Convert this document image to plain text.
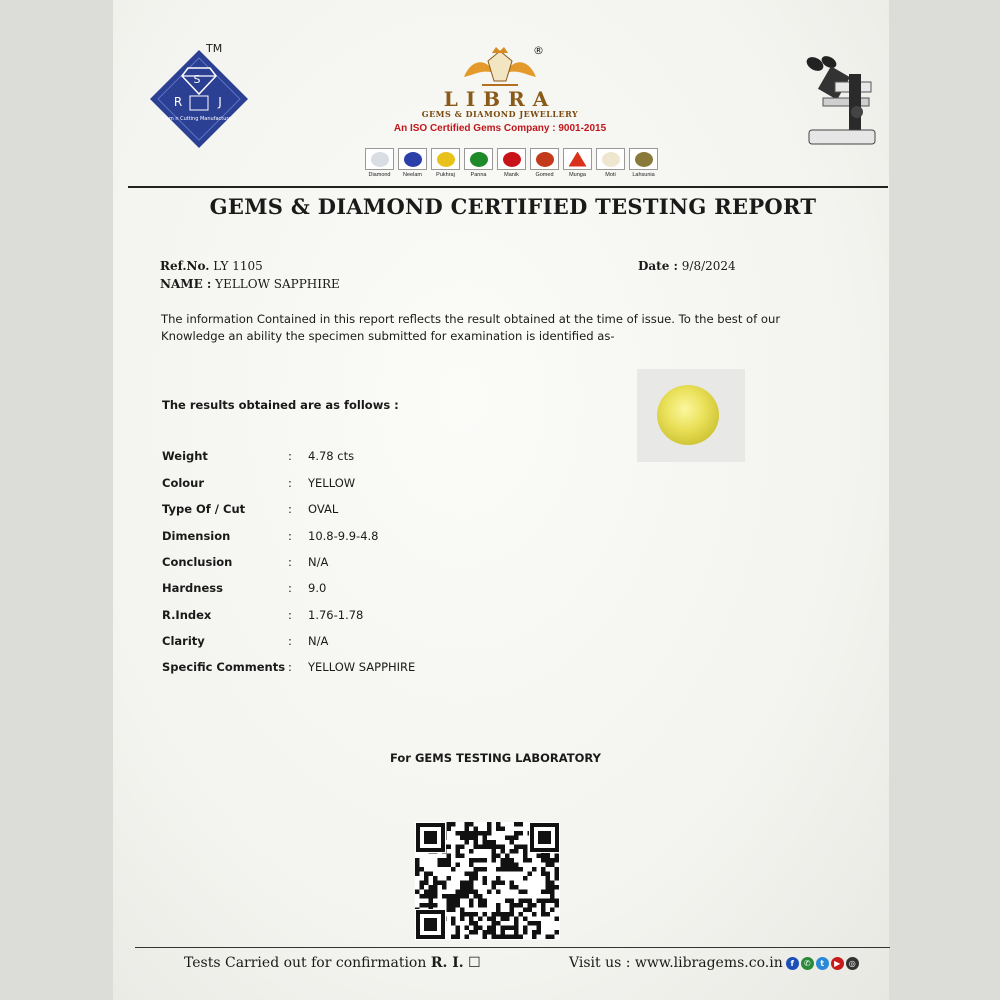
S
R	J
Gem n Cutting Manufacturers
TM
LIBRA
GEMS & DIAMOND JEWELLERY
An ISO Certified Gems Company : 9001-2015
®
Diamond Neelam	Pukhraj	Panna	Manik	Gomed	Munga	Moti	Lahsunia
GEMS & DIAMOND CERTIFIED TESTING REPORT
Ref.No. LY 1105
NAME : YELLOW SAPPHIRE
Date : 9/8/2024
The information Contained in this report reflects the result obtained at the time of issue. To the best of our Knowledge an ability the specimen submitted for examination is identified as-
The results obtained are as follows :
Weight	: 4.78 cts
Colour	: YELLOW
Type Of / Cut	: OVAL
Dimension	: 10.8-9.9-4.8
Conclusion	: N/A
Hardness	: 9.0
R.Index	: 1.76-1.78
Clarity	: N/A
Specific Comments : YELLOW SAPPHIRE
For GEMS TESTING LABORATORY
Tests Carried out for confirmation R. I. ☐	Visit us : www.libragems.co.in f	✆	t	▶	◎
